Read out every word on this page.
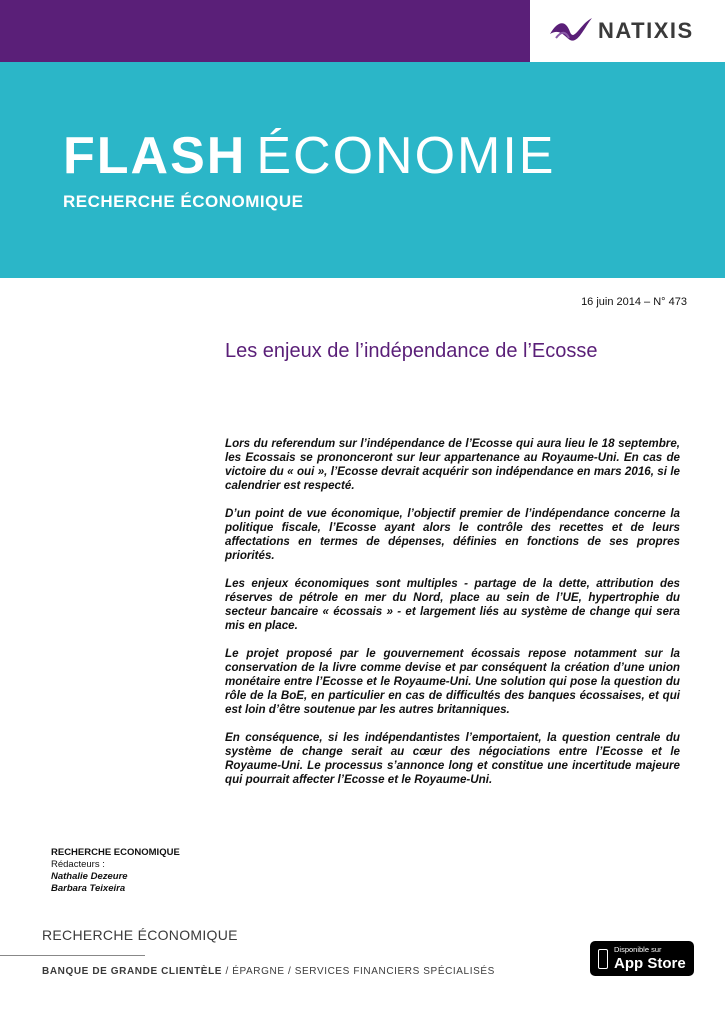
NATIXIS
FLASH ÉCONOMIE
RECHERCHE ÉCONOMIQUE
16 juin 2014 – N° 473
Les enjeux de l’indépendance de l’Ecosse

Lors du referendum sur l’indépendance de l’Ecosse qui aura lieu le 18 septembre, les Ecossais se prononceront sur leur appartenance au Royaume-Uni. En cas de victoire du « oui », l’Ecosse devrait acquérir son indépendance en mars 2016, si le calendrier est respecté.

D’un point de vue économique, l’objectif premier de l’indépendance concerne la politique fiscale, l’Ecosse ayant alors le contrôle des recettes et de leurs affectations en termes de dépenses, définies en fonctions de ses propres priorités.

Les enjeux économiques sont multiples - partage de la dette, attribution des réserves de pétrole en mer du Nord, place au sein de l’UE, hypertrophie du secteur bancaire « écossais » - et largement liés au système de change qui sera mis en place.

Le projet proposé par le gouvernement écossais repose notamment sur la conservation de la livre comme devise et par conséquent la création d’une union monétaire entre l’Ecosse et le Royaume-Uni. Une solution qui pose la question du rôle de la BoE, en particulier en cas de difficultés des banques écossaises, et qui est loin d’être soutenue par les autres britanniques.

En conséquence, si les indépendantistes l’emportaient, la question centrale du système de change serait au cœur des négociations entre l’Ecosse et le Royaume-Uni. Le processus s’annonce long et constitue une incertitude majeure qui pourrait affecter l’Ecosse et le Royaume-Uni.

RECHERCHE ECONOMIQUE
Rédacteurs :
Nathalie Dezeure
Barbara Teixeira
RECHERCHE ÉCONOMIQUE
BANQUE DE GRANDE CLIENTÈLE / ÉPARGNE / SERVICES FINANCIERS SPÉCIALISÉS
Disponible sur
App Store
